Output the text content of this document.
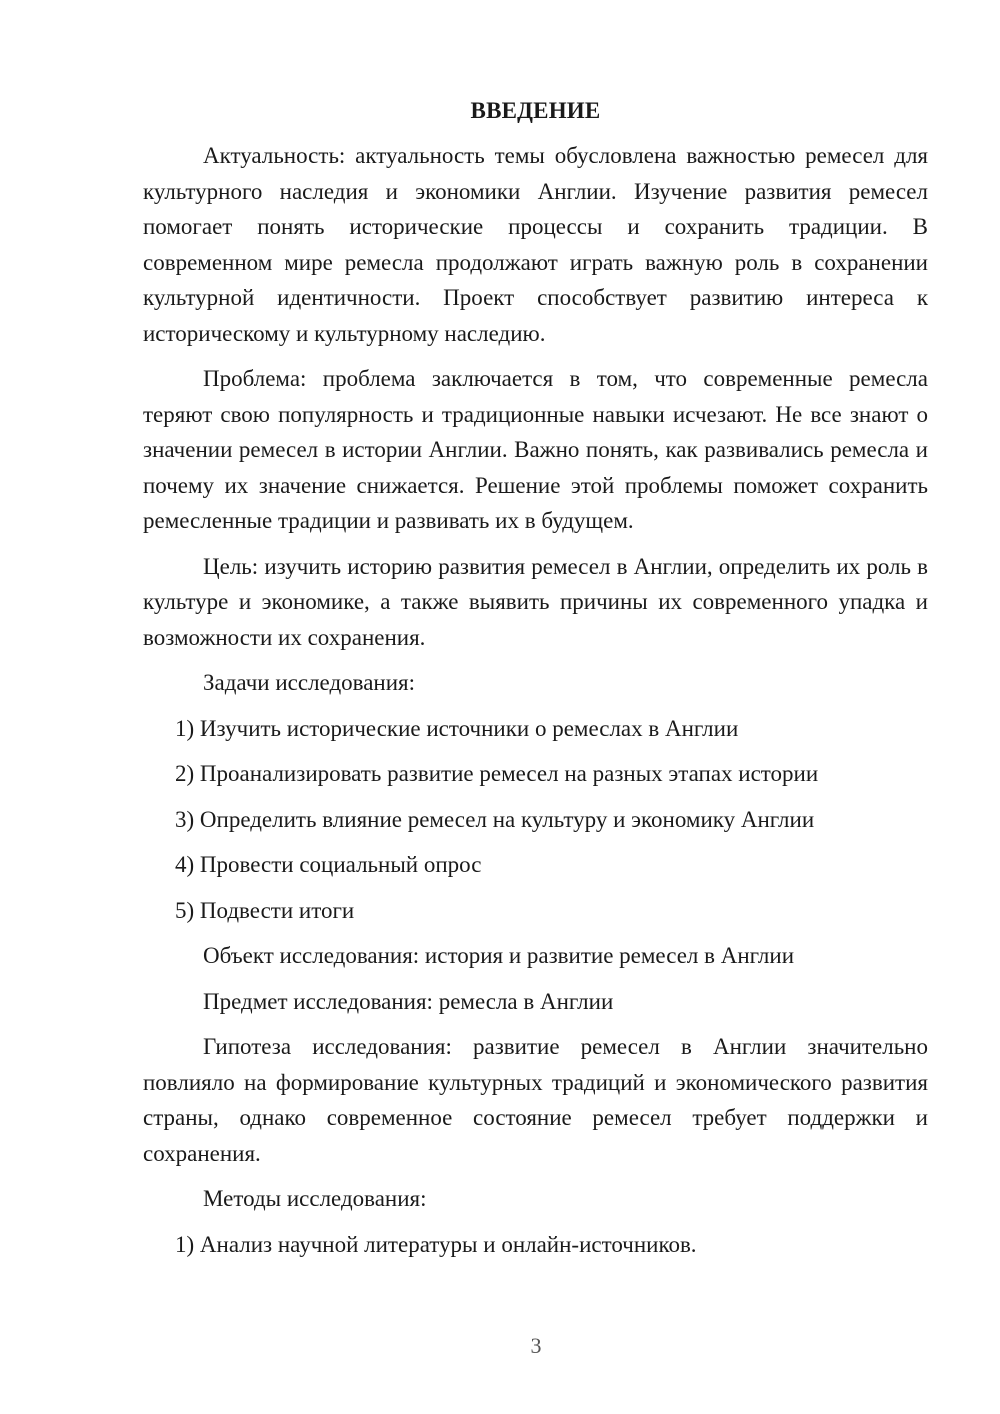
ВВЕДЕНИЕ
Актуальность: актуальность темы обусловлена важностью ремесел для культурного наследия и экономики Англии. Изучение развития ремесел помогает понять исторические процессы и сохранить традиции. В современном мире ремесла продолжают играть важную роль в сохранении культурной идентичности. Проект способствует развитию интереса к историческому и культурному наследию.
Проблема: проблема заключается в том, что современные ремесла теряют свою популярность и традиционные навыки исчезают. Не все знают о значении ремесел в истории Англии. Важно понять, как развивались ремесла и почему их значение снижается. Решение этой проблемы поможет сохранить ремесленные традиции и развивать их в будущем.
Цель: изучить историю развития ремесел в Англии, определить их роль в культуре и экономике, а также выявить причины их современного упадка и возможности их сохранения.
Задачи исследования:
1) Изучить исторические источники о ремеслах в Англии
2) Проанализировать развитие ремесел на разных этапах истории
3) Определить влияние ремесел на культуру и экономику Англии
4) Провести социальный опрос
5) Подвести итоги
Объект исследования: история и развитие ремесел в Англии
Предмет исследования: ремесла в Англии
Гипотеза исследования: развитие ремесел в Англии значительно повлияло на формирование культурных традиций и экономического развития страны, однако современное состояние ремесел требует поддержки и сохранения.
Методы исследования:
1) Анализ научной литературы и онлайн-источников.
3
